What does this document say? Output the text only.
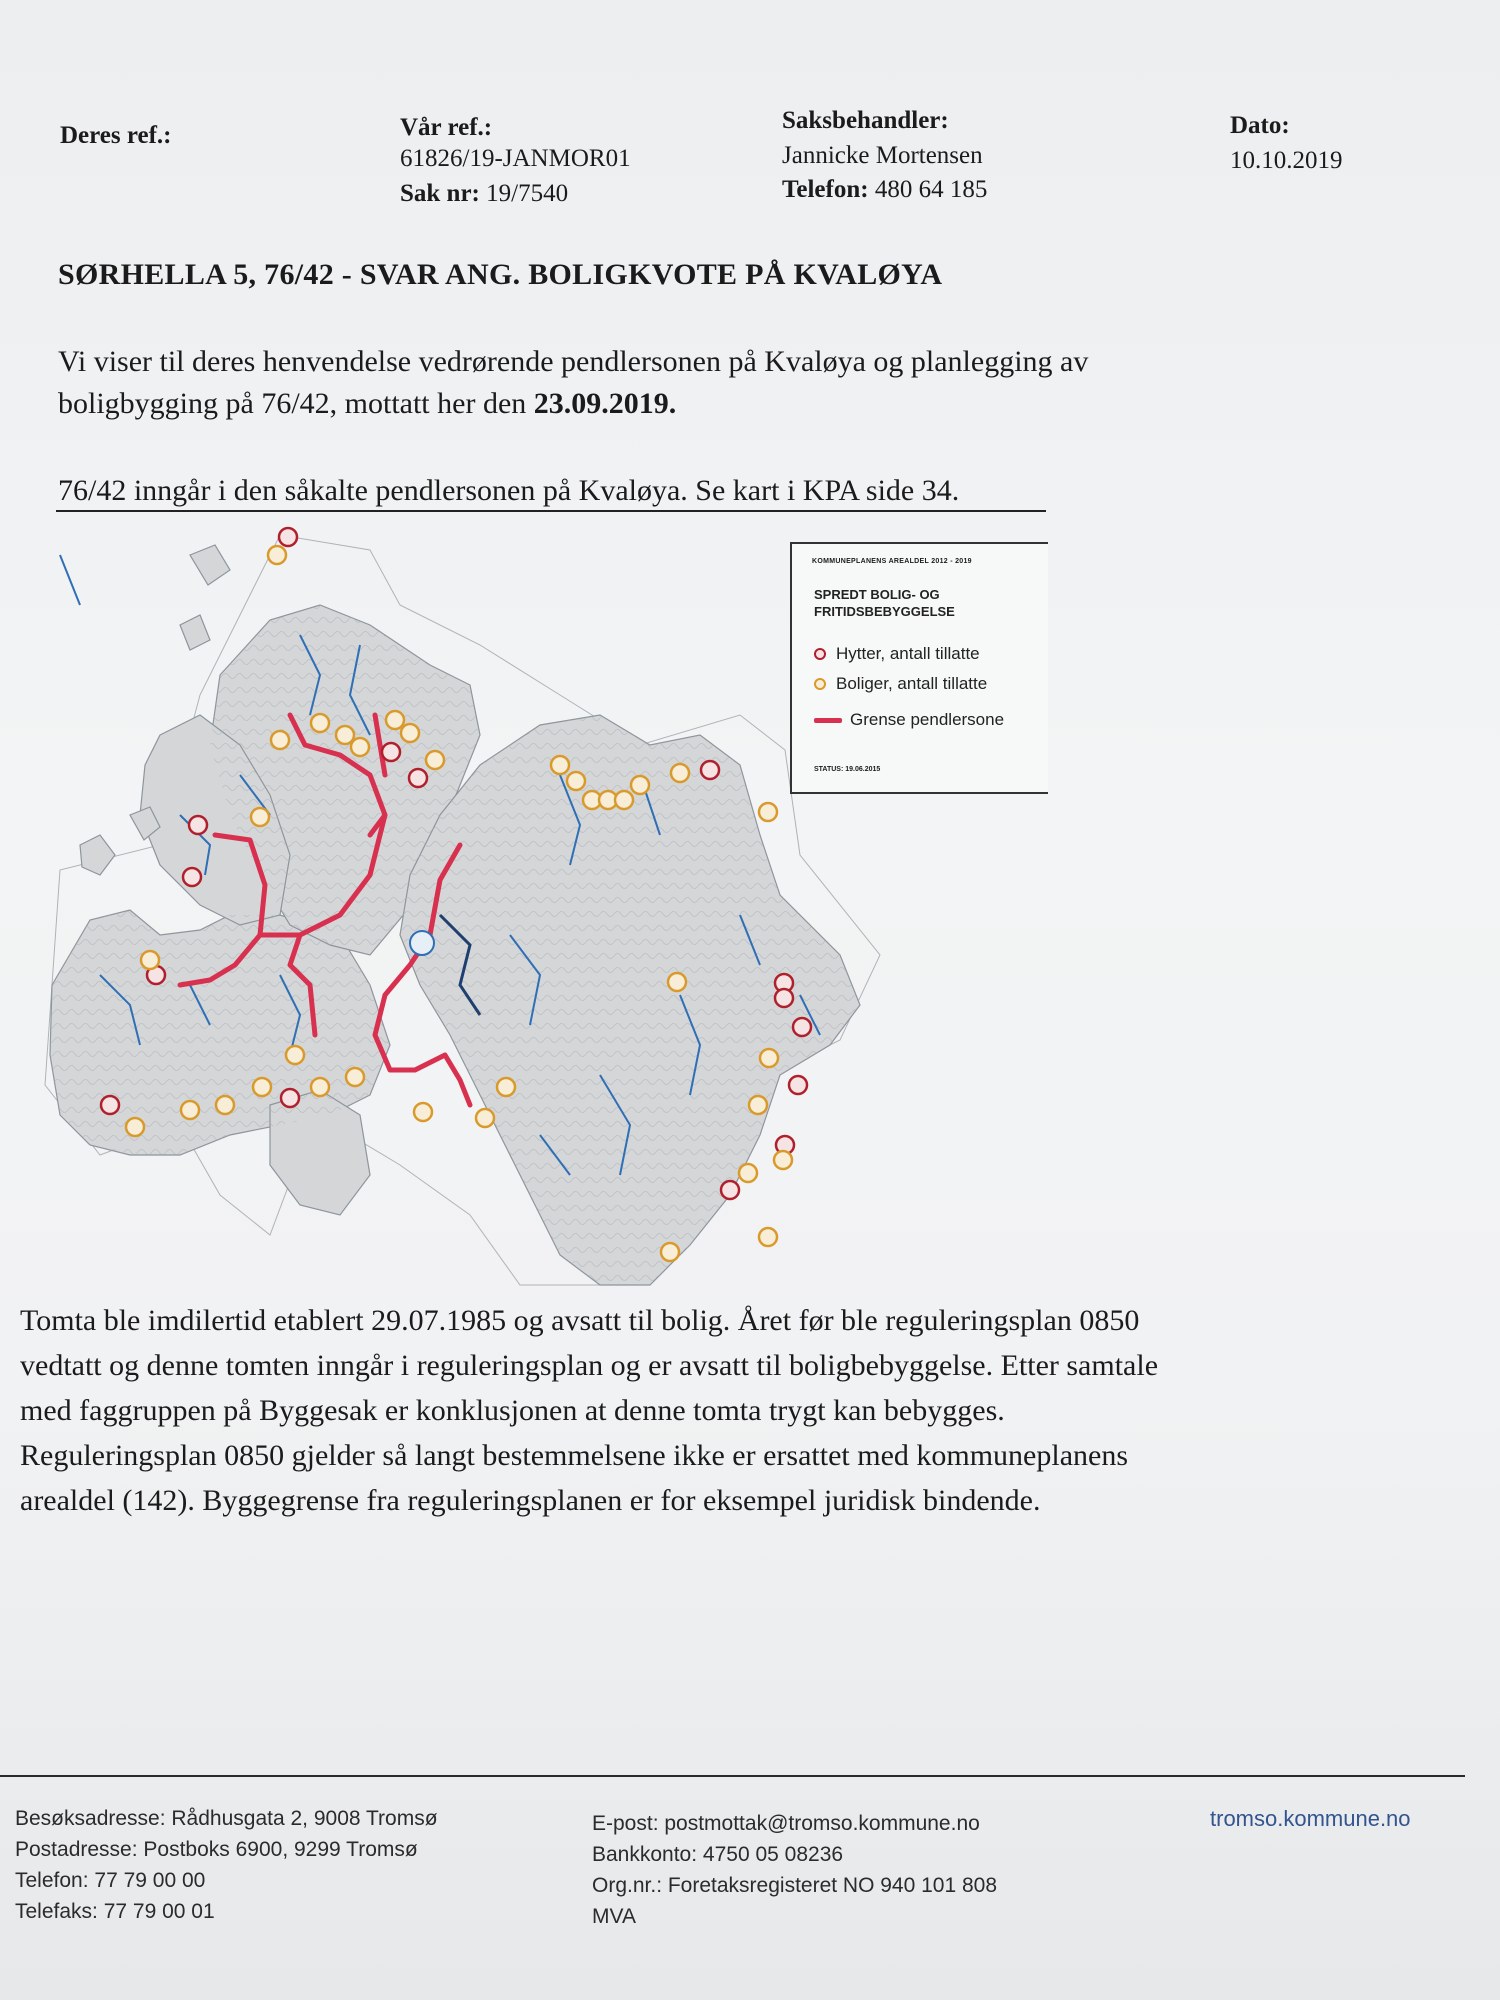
Deres ref.:	Vår ref.:
61826/19-JANMOR01
Sak nr: 19/7540
Saksbehandler:
Jannicke Mortensen
Telefon: 480 64 185
Dato:
10.10.2019
SØRHELLA 5, 76/42 - SVAR ANG. BOLIGKVOTE PÅ KVALØYA
Vi viser til deres henvendelse vedrørende pendlersonen på Kvaløya og planlegging av
boligbygging på 76/42, mottatt her den 23.09.2019.
76/42 inngår i den såkalte pendlersonen på Kvaløya. Se kart i KPA side 34.
KOMMUNEPLANENS AREALDEL 2012 - 2019
SPREDT BOLIG- OG
FRITIDSBEBYGGELSE
Hytter, antall tillatte
Boliger, antall tillatte
Grense pendlersone
STATUS: 19.06.2015
Tomta ble imdilertid etablert 29.07.1985 og avsatt til bolig. Året før ble reguleringsplan 0850
vedtatt og denne tomten inngår i reguleringsplan og er avsatt til boligbebyggelse. Etter samtale
med faggruppen på Byggesak er konklusjonen at denne tomta trygt kan bebygges.
Reguleringsplan 0850 gjelder så langt bestemmelsene ikke er ersattet med kommuneplanens
arealdel (142). Byggegrense fra reguleringsplanen er for eksempel juridisk bindende.
Besøksadresse: Rådhusgata 2, 9008 Tromsø
Postadresse: Postboks 6900, 9299 Tromsø
Telefon: 77 79 00 00
Telefaks: 77 79 00 01
E-post: postmottak@tromso.kommune.no
Bankkonto: 4750 05 08236
Org.nr.: Foretaksregisteret NO 940 101 808
MVA
tromso.kommune.no
